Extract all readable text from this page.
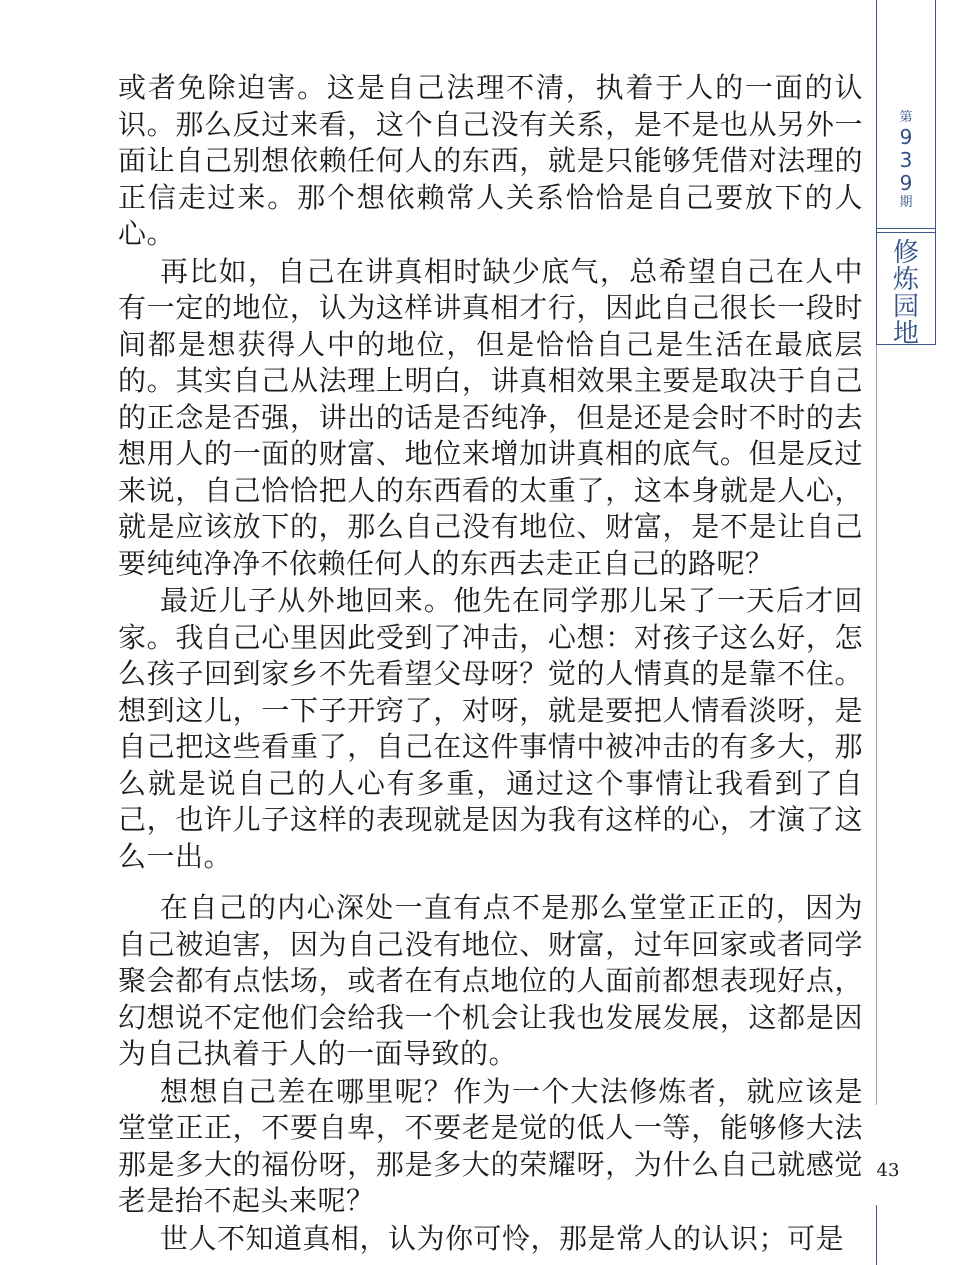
或者免除迫害。这是自己法理不清，执着于人的一面的认识。那么反过来看，这个自己没有关系，是不是也从另外一面让自己别想依赖任何人的东西，就是只能够凭借对法理的正信走过来。那个想依赖常人关系恰恰是自己要放下的人心。

再比如，自己在讲真相时缺少底气，总希望自己在人中有一定的地位，认为这样讲真相才行，因此自己很长一段时间都是想获得人中的地位，但是恰恰自己是生活在最底层的。其实自己从法理上明白，讲真相效果主要是取决于自己的正念是否强，讲出的话是否纯净，但是还是会时不时的去想用人的一面的财富、地位来增加讲真相的底气。但是反过来说，自己恰恰把人的东西看的太重了，这本身就是人心，就是应该放下的，那么自己没有地位、财富，是不是让自己要纯纯净净不依赖任何人的东西去走正自己的路呢？

最近儿子从外地回来。他先在同学那儿呆了一天后才回家。我自己心里因此受到了冲击，心想：对孩子这么好，怎么孩子回到家乡不先看望父母呀？觉的人情真的是靠不住。想到这儿，一下子开窍了，对呀，就是要把人情看淡呀，是自己把这些看重了，自己在这件事情中被冲击的有多大，那么就是说自己的人心有多重，通过这个事情让我看到了自己，也许儿子这样的表现就是因为我有这样的心，才演了这么一出。

在自己的内心深处一直有点不是那么堂堂正正的，因为自己被迫害，因为自己没有地位、财富，过年回家或者同学聚会都有点怯场，或者在有点地位的人面前都想表现好点，幻想说不定他们会给我一个机会让我也发展发展，这都是因为自己执着于人的一面导致的。

想想自己差在哪里呢？作为一个大法修炼者，就应该是堂堂正正，不要自卑，不要老是觉的低人一等，能够修大法那是多大的福份呀，那是多大的荣耀呀，为什么自己就感觉老是抬不起头来呢？

世人不知道真相，认为你可怜，那是常人的认识；可是

第
9
3
9
期
修
炼
园
地
43
